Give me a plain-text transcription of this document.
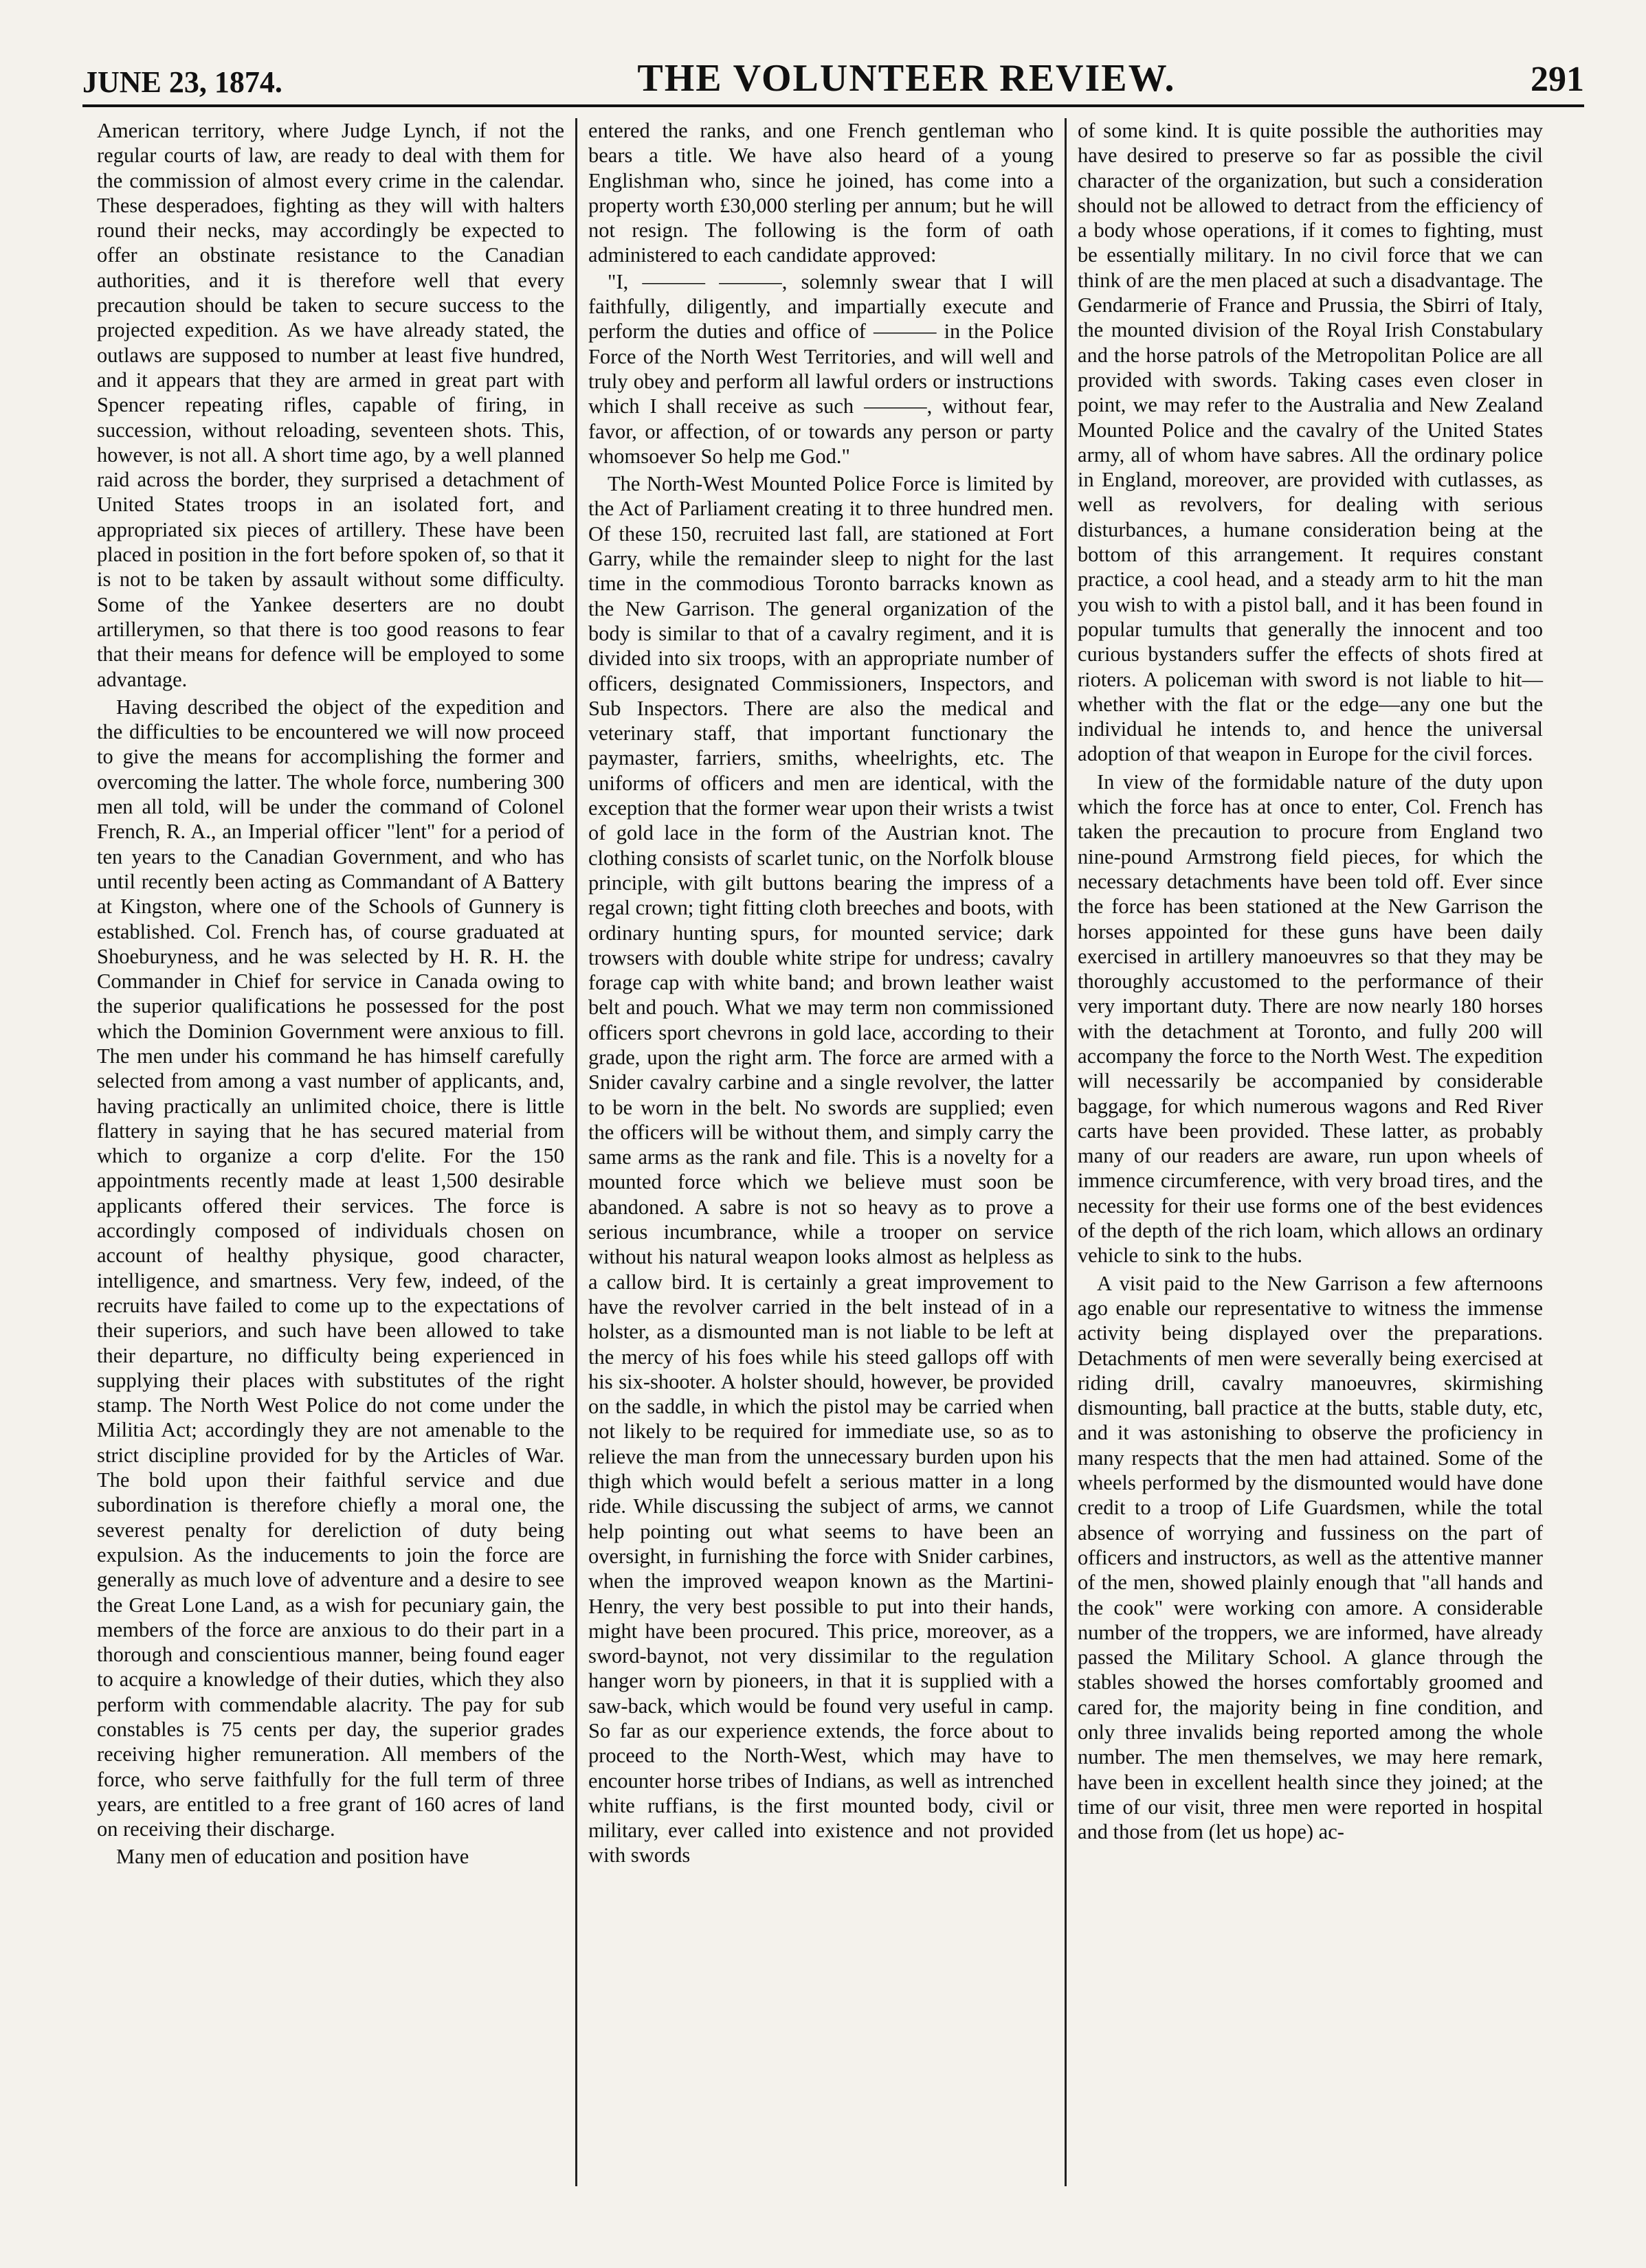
JUNE 23, 1874.	THE VOLUNTEER REVIEW.	291

American territory, where Judge Lynch, if not the regular courts of law, are ready to deal with them for the commission of almost every crime in the calendar. These desperadoes, fighting as they will with halters round their necks, may accordingly be expected to offer an obstinate resistance to the Canadian authorities, and it is therefore well that every precaution should be taken to secure success to the projected expedition. As we have already stated, the outlaws are supposed to number at least five hundred, and it appears that they are armed in great part with Spencer repeating rifles, capable of firing, in succession, without reloading, seventeen shots. This, however, is not all. A short time ago, by a well planned raid across the border, they surprised a detachment of United States troops in an isolated fort, and appropriated six pieces of artillery. These have been placed in position in the fort before spoken of, so that it is not to be taken by assault without some difficulty. Some of the Yankee deserters are no doubt artillerymen, so that there is too good reasons to fear that their means for defence will be employed to some advantage.

Having described the object of the expedition and the difficulties to be encountered we will now proceed to give the means for accomplishing the former and overcoming the latter. The whole force, numbering 300 men all told, will be under the command of Colonel French, R. A., an Imperial officer "lent" for a period of ten years to the Canadian Government, and who has until recently been acting as Commandant of A Battery at Kingston, where one of the Schools of Gunnery is established. Col. French has, of course graduated at Shoeburyness, and he was selected by H. R. H. the Commander in Chief for service in Canada owing to the superior qualifications he possessed for the post which the Dominion Government were anxious to fill. The men under his command he has himself carefully selected from among a vast number of applicants, and, having practically an unlimited choice, there is little flattery in saying that he has secured material from which to organize a corp d'elite. For the 150 appointments recently made at least 1,500 desirable applicants offered their services. The force is accordingly composed of individuals chosen on account of healthy physique, good character, intelligence, and smartness. Very few, indeed, of the recruits have failed to come up to the expectations of their superiors, and such have been allowed to take their departure, no difficulty being experienced in supplying their places with substitutes of the right stamp. The North West Police do not come under the Militia Act; accordingly they are not amenable to the strict discipline provided for by the Articles of War. The bold upon their faithful service and due subordination is therefore chiefly a moral one, the severest penalty for dereliction of duty being expulsion. As the inducements to join the force are generally as much love of adventure and a desire to see the Great Lone Land, as a wish for pecuniary gain, the members of the force are anxious to do their part in a thorough and conscientious manner, being found eager to acquire a knowledge of their duties, which they also perform with commendable alacrity. The pay for sub constables is 75 cents per day, the superior grades receiving higher remuneration. All members of the force, who serve faithfully for the full term of three years, are entitled to a free grant of 160 acres of land on receiving their discharge.

Many men of education and position have

entered the ranks, and one French gentleman who bears a title. We have also heard of a young Englishman who, since he joined, has come into a property worth £30,000 sterling per annum; but he will not resign. The following is the form of oath administered to each candidate approved:

"I, ——— ———, solemnly swear that I will faithfully, diligently, and impartially execute and perform the duties and office of ——— in the Police Force of the North West Territories, and will well and truly obey and perform all lawful orders or instructions which I shall receive as such ———, without fear, favor, or affection, of or towards any person or party whomsoever So help me God."

The North-West Mounted Police Force is limited by the Act of Parliament creating it to three hundred men. Of these 150, recruited last fall, are stationed at Fort Garry, while the remainder sleep to night for the last time in the commodious Toronto barracks known as the New Garrison. The general organization of the body is similar to that of a cavalry regiment, and it is divided into six troops, with an appropriate number of officers, designated Commissioners, Inspectors, and Sub Inspectors. There are also the medical and veterinary staff, that important functionary the paymaster, farriers, smiths, wheelrights, etc. The uniforms of officers and men are identical, with the exception that the former wear upon their wrists a twist of gold lace in the form of the Austrian knot. The clothing consists of scarlet tunic, on the Norfolk blouse principle, with gilt buttons bearing the impress of a regal crown; tight fitting cloth breeches and boots, with ordinary hunting spurs, for mounted service; dark trowsers with double white stripe for undress; cavalry forage cap with white band; and brown leather waist belt and pouch. What we may term non commissioned officers sport chevrons in gold lace, according to their grade, upon the right arm. The force are armed with a Snider cavalry carbine and a single revolver, the latter to be worn in the belt. No swords are supplied; even the officers will be without them, and simply carry the same arms as the rank and file. This is a novelty for a mounted force which we believe must soon be abandoned. A sabre is not so heavy as to prove a serious incumbrance, while a trooper on service without his natural weapon looks almost as helpless as a callow bird. It is certainly a great improvement to have the revolver carried in the belt instead of in a holster, as a dismounted man is not liable to be left at the mercy of his foes while his steed gallops off with his six-shooter. A holster should, however, be provided on the saddle, in which the pistol may be carried when not likely to be required for immediate use, so as to relieve the man from the unnecessary burden upon his thigh which would befelt a serious matter in a long ride. While discussing the subject of arms, we cannot help pointing out what seems to have been an oversight, in furnishing the force with Snider carbines, when the improved weapon known as the Martini-Henry, the very best possible to put into their hands, might have been procured. This price, moreover, as a sword-baynot, not very dissimilar to the regulation hanger worn by pioneers, in that it is supplied with a saw-back, which would be found very useful in camp. So far as our experience extends, the force about to proceed to the North-West, which may have to encounter horse tribes of Indians, as well as intrenched white ruffians, is the first mounted body, civil or military, ever called into existence and not provided with swords

of some kind. It is quite possible the authorities may have desired to preserve so far as possible the civil character of the organization, but such a consideration should not be allowed to detract from the efficiency of a body whose operations, if it comes to fighting, must be essentially military. In no civil force that we can think of are the men placed at such a disadvantage. The Gendarmerie of France and Prussia, the Sbirri of Italy, the mounted division of the Royal Irish Constabulary and the horse patrols of the Metropolitan Police are all provided with swords. Taking cases even closer in point, we may refer to the Australia and New Zealand Mounted Police and the cavalry of the United States army, all of whom have sabres. All the ordinary police in England, moreover, are provided with cutlasses, as well as revolvers, for dealing with serious disturbances, a humane consideration being at the bottom of this arrangement. It requires constant practice, a cool head, and a steady arm to hit the man you wish to with a pistol ball, and it has been found in popular tumults that generally the innocent and too curious bystanders suffer the effects of shots fired at rioters. A policeman with sword is not liable to hit—whether with the flat or the edge—any one but the individual he intends to, and hence the universal adoption of that weapon in Europe for the civil forces.

In view of the formidable nature of the duty upon which the force has at once to enter, Col. French has taken the precaution to procure from England two nine-pound Armstrong field pieces, for which the necessary detachments have been told off. Ever since the force has been stationed at the New Garrison the horses appointed for these guns have been daily exercised in artillery manoeuvres so that they may be thoroughly accustomed to the performance of their very important duty. There are now nearly 180 horses with the detachment at Toronto, and fully 200 will accompany the force to the North West. The expedition will necessarily be accompanied by considerable baggage, for which numerous wagons and Red River carts have been provided. These latter, as probably many of our readers are aware, run upon wheels of immence circumference, with very broad tires, and the necessity for their use forms one of the best evidences of the depth of the rich loam, which allows an ordinary vehicle to sink to the hubs.

A visit paid to the New Garrison a few afternoons ago enable our representative to witness the immense activity being displayed over the preparations. Detachments of men were severally being exercised at riding drill, cavalry manoeuvres, skirmishing dismounting, ball practice at the butts, stable duty, etc, and it was astonishing to observe the proficiency in many respects that the men had attained. Some of the wheels performed by the dismounted would have done credit to a troop of Life Guardsmen, while the total absence of worrying and fussiness on the part of officers and instructors, as well as the attentive manner of the men, showed plainly enough that "all hands and the cook" were working con amore. A considerable number of the troppers, we are informed, have already passed the Military School. A glance through the stables showed the horses comfortably groomed and cared for, the majority being in fine condition, and only three invalids being reported among the whole number. The men themselves, we may here remark, have been in excellent health since they joined; at the time of our visit, three men were reported in hospital and those from (let us hope) ac-
